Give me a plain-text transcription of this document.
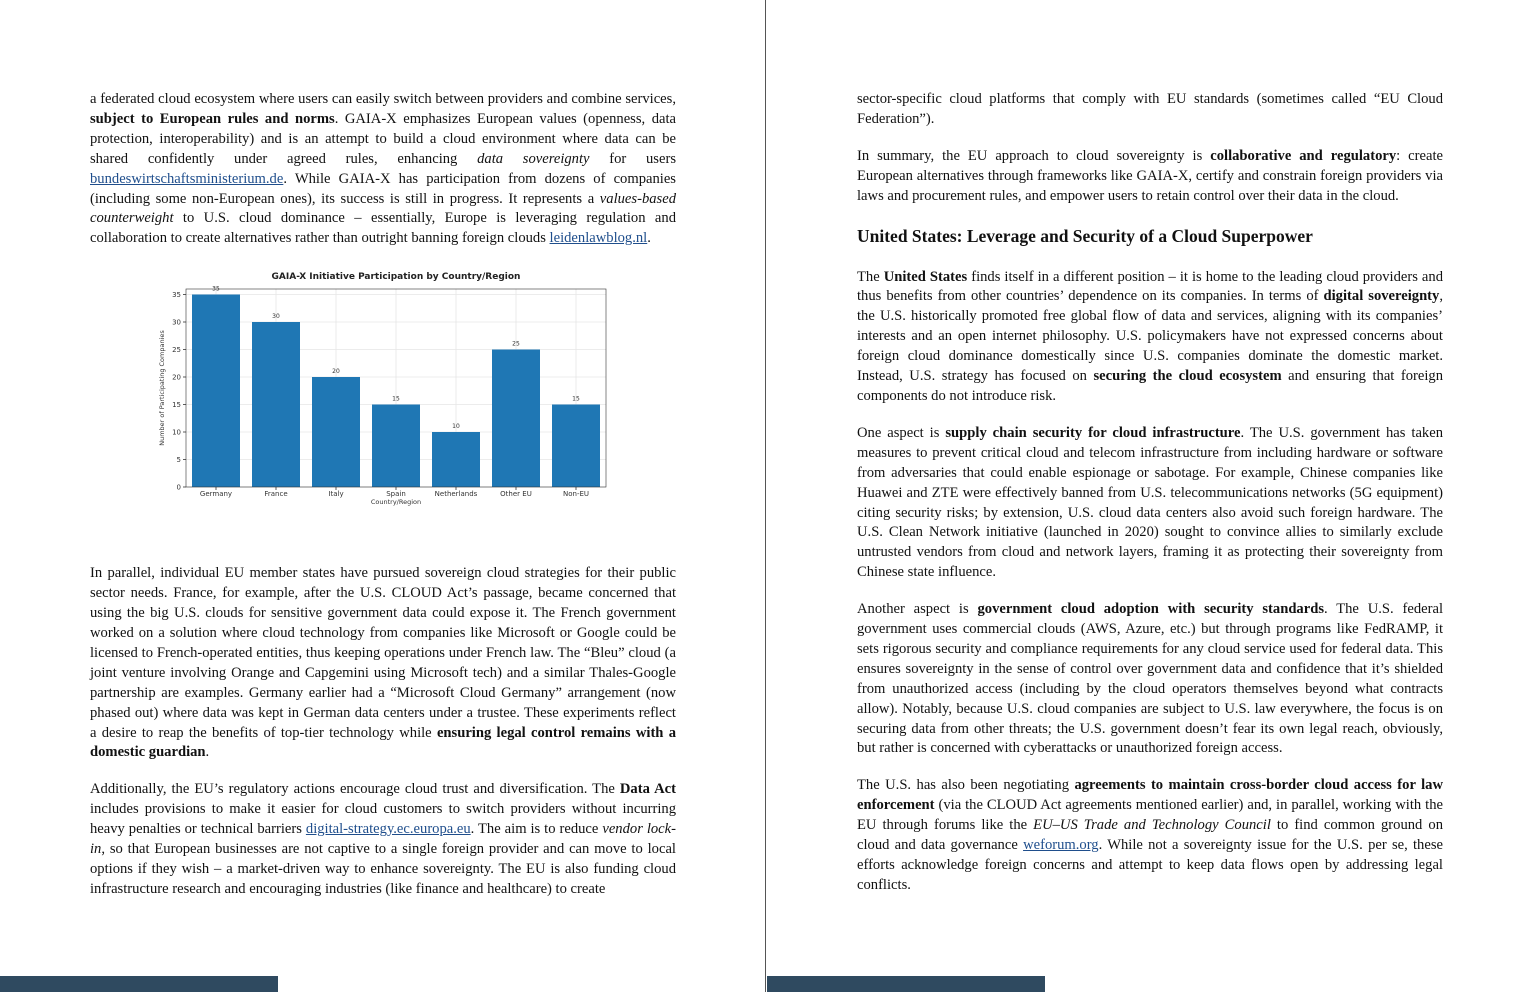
a federated cloud ecosystem where users can easily switch between providers and combine services, subject to European rules and norms. GAIA-X emphasizes European values (openness, data protection, interoperability) and is an attempt to build a cloud environment where data can be shared confidently under agreed rules, enhancing data sovereignty for users bundeswirtschaftsministerium.de. While GAIA-X has participation from dozens of companies (including some non-European ones), its success is still in progress. It represents a values-based counterweight to U.S. cloud dominance – essentially, Europe is leveraging regulation and collaboration to create alternatives rather than outright banning foreign clouds leidenlawblog.nl.

GAIA-X Initiative Participation by Country/Region
0
5
10
15
20
25
30
35
35
Germany
30
France
20
Italy
15
Spain
10
Netherlands
25
Other EU
15
Non-EU
Country/Region
Number of Participating Companies

In parallel, individual EU member states have pursued sovereign cloud strategies for their public sector needs. France, for example, after the U.S. CLOUD Act’s passage, became concerned that using the big U.S. clouds for sensitive government data could expose it. The French government worked on a solution where cloud technology from companies like Microsoft or Google could be licensed to French-operated entities, thus keeping operations under French law. The “Bleu” cloud (a joint venture involving Orange and Capgemini using Microsoft tech) and a similar Thales-Google partnership are examples. Germany earlier had a “Microsoft Cloud Germany” arrangement (now phased out) where data was kept in German data centers under a trustee. These experiments reflect a desire to reap the benefits of top-tier technology while ensuring legal control remains with a domestic guardian.

Additionally, the EU’s regulatory actions encourage cloud trust and diversification. The Data Act includes provisions to make it easier for cloud customers to switch providers without incurring heavy penalties or technical barriers digital-strategy.ec.europa.eu. The aim is to reduce vendor lock-in, so that European businesses are not captive to a single foreign provider and can move to local options if they wish – a market-driven way to enhance sovereignty. The EU is also funding cloud infrastructure research and encouraging industries (like finance and healthcare) to create

sector-specific cloud platforms that comply with EU standards (sometimes called “EU Cloud Federation”).

In summary, the EU approach to cloud sovereignty is collaborative and regulatory: create European alternatives through frameworks like GAIA-X, certify and constrain foreign providers via laws and procurement rules, and empower users to retain control over their data in the cloud.

United States: Leverage and Security of a Cloud Superpower

The United States finds itself in a different position – it is home to the leading cloud providers and thus benefits from other countries’ dependence on its companies. In terms of digital sovereignty, the U.S. historically promoted free global flow of data and services, aligning with its companies’ interests and an open internet philosophy. U.S. policymakers have not expressed concerns about foreign cloud dominance domestically since U.S. companies dominate the domestic market. Instead, U.S. strategy has focused on securing the cloud ecosystem and ensuring that foreign components do not introduce risk.

One aspect is supply chain security for cloud infrastructure. The U.S. government has taken measures to prevent critical cloud and telecom infrastructure from including hardware or software from adversaries that could enable espionage or sabotage. For example, Chinese companies like Huawei and ZTE were effectively banned from U.S. telecommunications networks (5G equipment) citing security risks; by extension, U.S. cloud data centers also avoid such foreign hardware. The U.S. Clean Network initiative (launched in 2020) sought to convince allies to similarly exclude untrusted vendors from cloud and network layers, framing it as protecting their sovereignty from Chinese state influence.

Another aspect is government cloud adoption with security standards. The U.S. federal government uses commercial clouds (AWS, Azure, etc.) but through programs like FedRAMP, it sets rigorous security and compliance requirements for any cloud service used for federal data. This ensures sovereignty in the sense of control over government data and confidence that it’s shielded from unauthorized access (including by the cloud operators themselves beyond what contracts allow). Notably, because U.S. cloud companies are subject to U.S. law everywhere, the focus is on securing data from other threats; the U.S. government doesn’t fear its own legal reach, obviously, but rather is concerned with cyberattacks or unauthorized foreign access.

The U.S. has also been negotiating agreements to maintain cross-border cloud access for law enforcement (via the CLOUD Act agreements mentioned earlier) and, in parallel, working with the EU through forums like the EU–US Trade and Technology Council to find common ground on cloud and data governance weforum.org. While not a sovereignty issue for the U.S. per se, these efforts acknowledge foreign concerns and attempt to keep data flows open by addressing legal conflicts.
